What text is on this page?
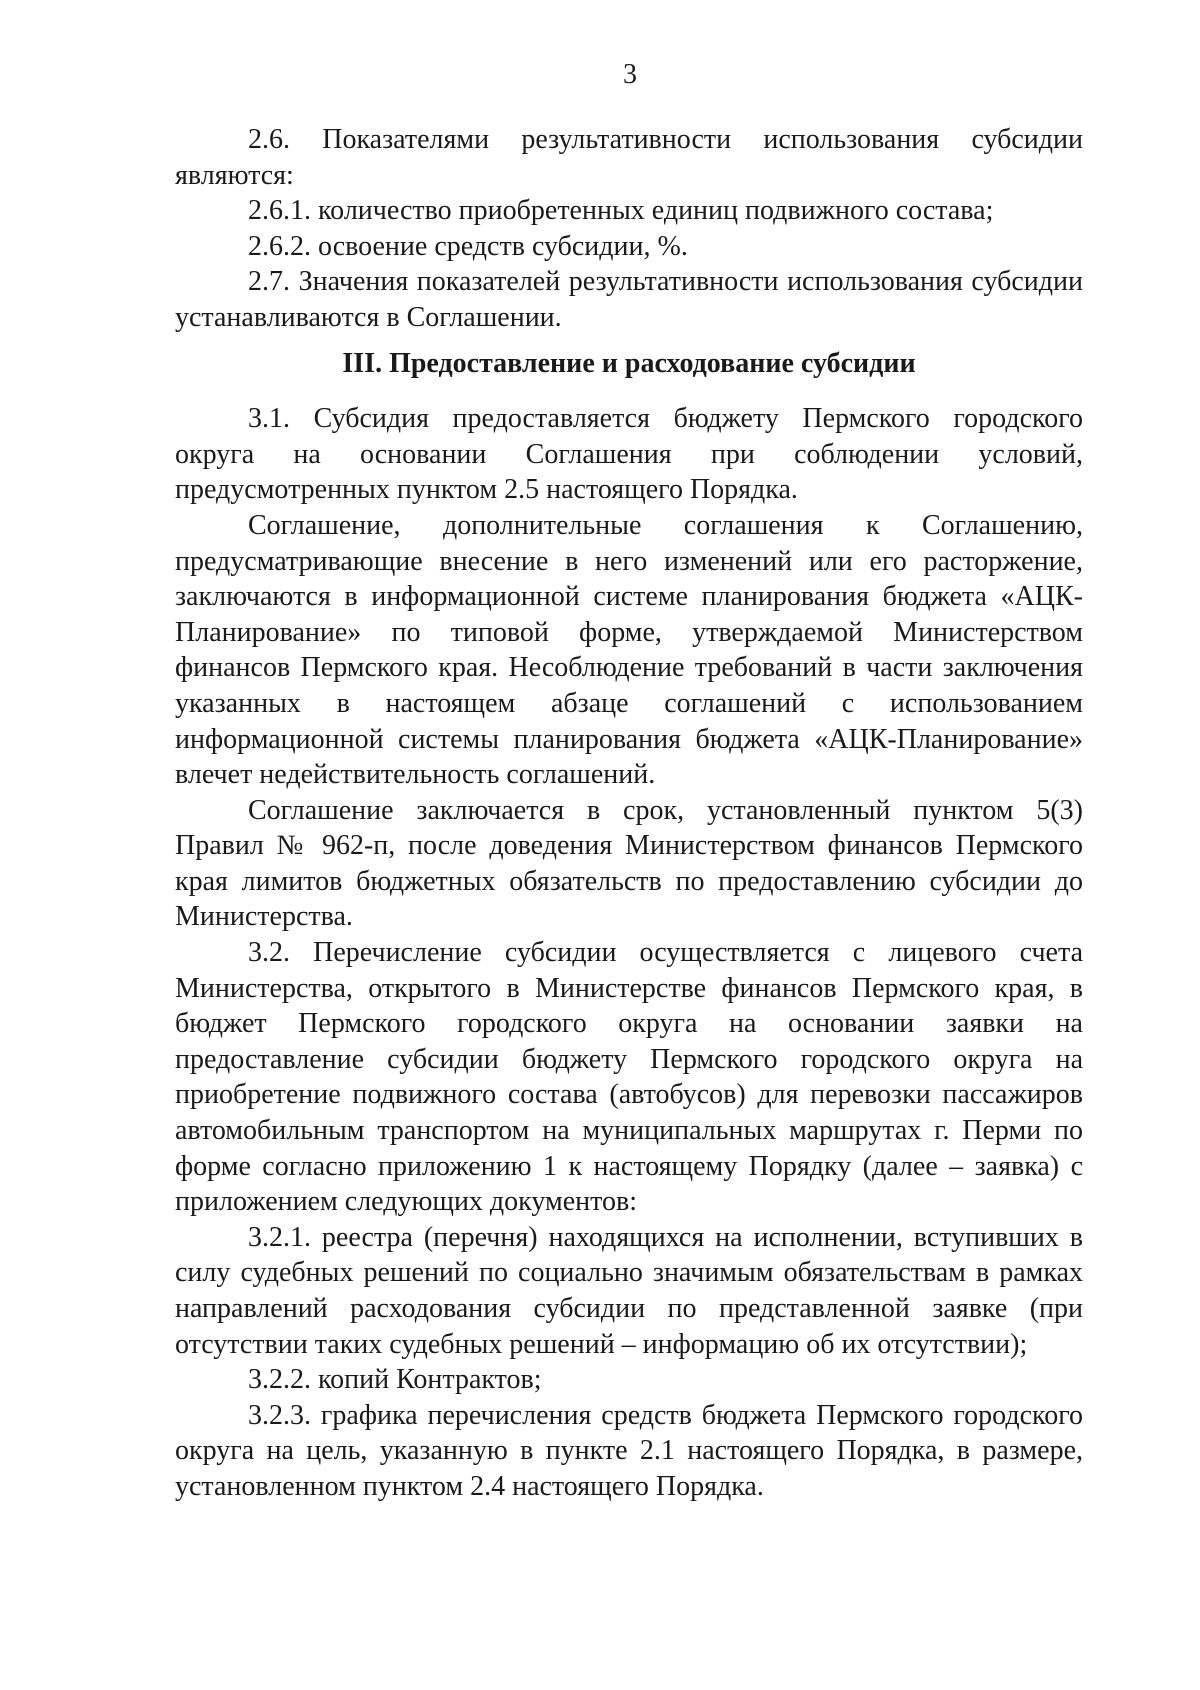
3

2.6. Показателями результативности использования субсидии являются:

2.6.1. количество приобретенных единиц подвижного состава;

2.6.2. освоение средств субсидии, %.

2.7. Значения показателей результативности использования субсидии устанавливаются в Соглашении.

III. Предоставление и расходование субсидии

3.1. Субсидия предоставляется бюджету Пермского городского округа на основании Соглашения при соблюдении условий, предусмотренных пунктом 2.5 настоящего Порядка.

Соглашение, дополнительные соглашения к Соглашению, предусматривающие внесение в него изменений или его расторжение, заключаются в информационной системе планирования бюджета «АЦК-Планирование» по типовой форме, утверждаемой Министерством финансов Пермского края. Несоблюдение требований в части заключения указанных в настоящем абзаце соглашений с использованием информационной системы планирования бюджета «АЦК-Планирование» влечет недействительность соглашений.

Соглашение заключается в срок, установленный пунктом 5(3) Правил № 962-п, после доведения Министерством финансов Пермского края лимитов бюджетных обязательств по предоставлению субсидии до Министерства.

3.2. Перечисление субсидии осуществляется с лицевого счета Министерства, открытого в Министерстве финансов Пермского края, в бюджет Пермского городского округа на основании заявки на предоставление субсидии бюджету Пермского городского округа на приобретение подвижного состава (автобусов) для перевозки пассажиров автомобильным транспортом на муниципальных маршрутах г. Перми по форме согласно приложению 1 к настоящему Порядку (далее – заявка) с приложением следующих документов:

3.2.1. реестра (перечня) находящихся на исполнении, вступивших в силу судебных решений по социально значимым обязательствам в рамках направлений расходования субсидии по представленной заявке (при отсутствии таких судебных решений – информацию об их отсутствии);

3.2.2. копий Контрактов;

3.2.3. графика перечисления средств бюджета Пермского городского округа на цель, указанную в пункте 2.1 настоящего Порядка, в размере, установленном пунктом 2.4 настоящего Порядка.
